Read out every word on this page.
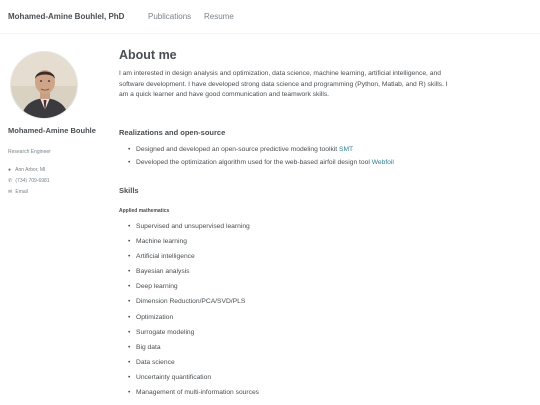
Mohamed-Amine Bouhlel, PhD	Publications Resume
Mohamed-Amine Bouhle
Research Engineer
● Ann Arbor, MI
✆ (734) 709-6981
✉ Email
About me

I am interested in design analysis and optimization, data science, machine learning, artificial intelligence, and software development. I have developed strong data science and programming (Python, Matlab, and R) skills. I am a quick learner and have good communication and teamwork skills.

Realizations and open-source
• Designed and developed an open-source predictive modeling toolkit SMT
• Developed the optimization algorithm used for the web-based airfoil design tool Webfoil
Skills
Applied mathematics
• Supervised and unsupervised learning
• Machine learning
• Artificial intelligence
• Bayesian analysis
• Deep learning
• Dimension Reduction/PCA/SVD/PLS
• Optimization
• Surrogate modeling
• Big data
• Data science
• Uncertainty quantification
• Management of multi-information sources
